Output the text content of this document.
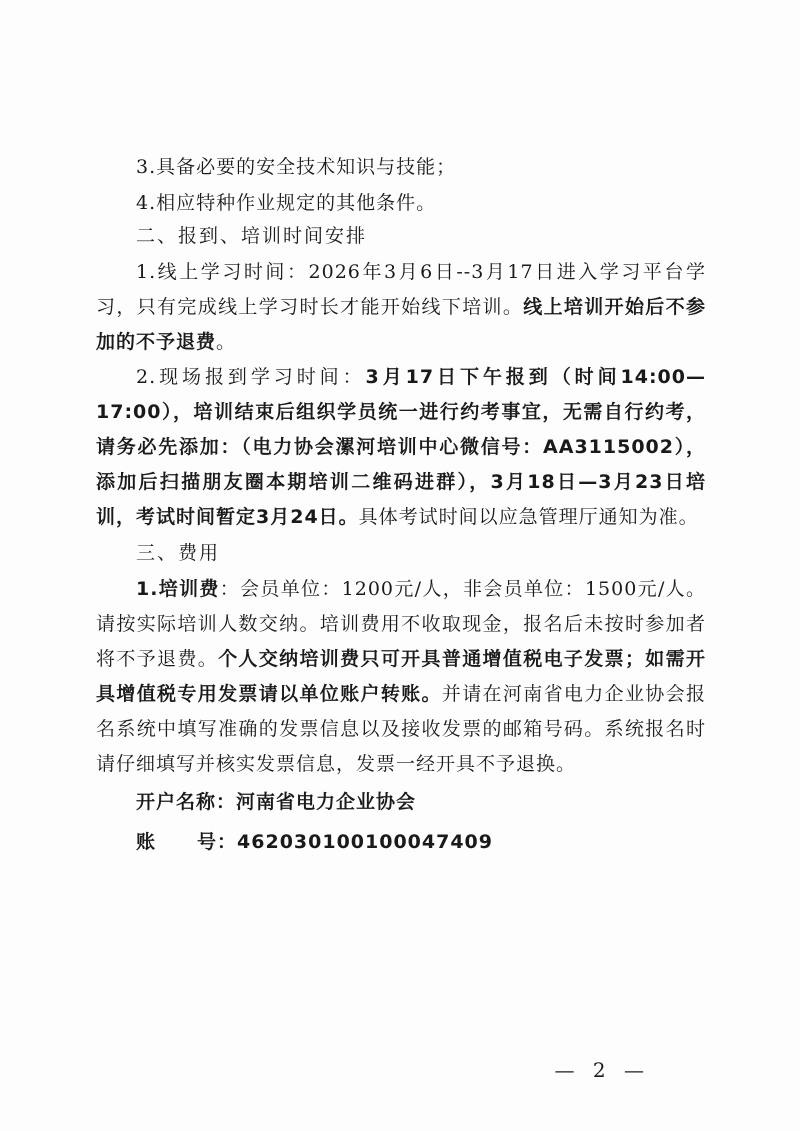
3.具备必要的安全技术知识与技能；
4.相应特种作业规定的其他条件。
二、报到、培训时间安排

1.线上学习时间：2026年3月6日--3月17日进入学习平台学习，只有完成线上学习时长才能开始线下培训。线上培训开始后不参加的不予退费。

2.现场报到学习时间：3月17日下午报到（时间14:00—17:00），培训结束后组织学员统一进行约考事宜，无需自行约考，请务必先添加：（电力协会漯河培训中心微信号：AA3115002），添加后扫描朋友圈本期培训二维码进群），3月18日—3月23日培训，考试时间暂定3月24日。具体考试时间以应急管理厅通知为准。

三、费用

1.培训费：会员单位：1200元/人，非会员单位：1500元/人。请按实际培训人数交纳。培训费用不收取现金，报名后未按时参加者将不予退费。个人交纳培训费只可开具普通增值税电子发票；如需开具增值税专用发票请以单位账户转账。并请在河南省电力企业协会报名系统中填写准确的发票信息以及接收发票的邮箱号码。系统报名时请仔细填写并核实发票信息，发票一经开具不予退换。

开户名称：河南省电力企业协会
账号：462030100100047409
— 2 —
